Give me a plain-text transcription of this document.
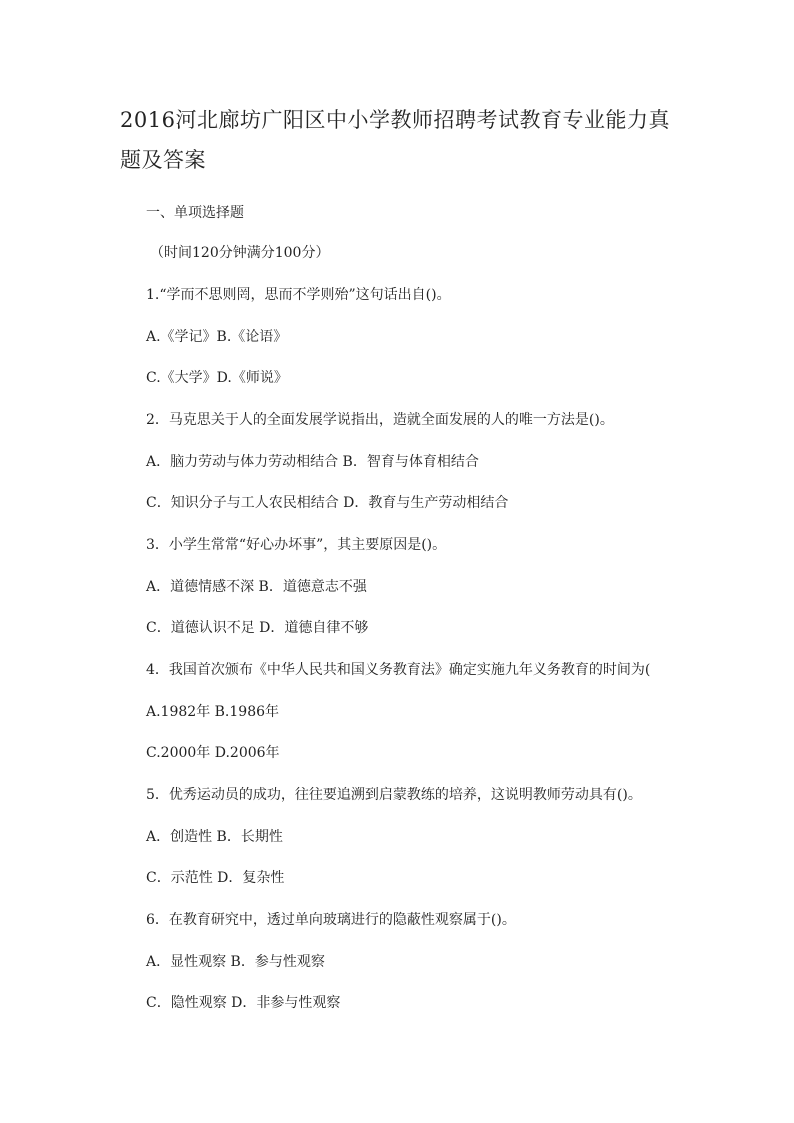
2016河北廊坊广阳区中小学教师招聘考试教育专业能力真题及答案

一、单项选择题

（时间120分钟满分100分）

1.“学而不思则罔，思而不学则殆”这句话出自()。

A.《学记》B.《论语》

C.《大学》D.《师说》

2．马克思关于人的全面发展学说指出，造就全面发展的人的唯一方法是()。

A．脑力劳动与体力劳动相结合 B．智育与体育相结合

C．知识分子与工人农民相结合 D．教育与生产劳动相结合

3．小学生常常“好心办坏事”，其主要原因是()。

A．道德情感不深 B．道德意志不强

C．道德认识不足 D．道德自律不够

4．我国首次颁布《中华人民共和国义务教育法》确定实施九年义务教育的时间为(

A.1982年 B.1986年

C.2000年 D.2006年

5．优秀运动员的成功，往往要追溯到启蒙教练的培养，这说明教师劳动具有()。

A．创造性 B．长期性

C．示范性 D．复杂性

6．在教育研究中，透过单向玻璃进行的隐蔽性观察属于()。

A．显性观察 B．参与性观察

C．隐性观察 D．非参与性观察
